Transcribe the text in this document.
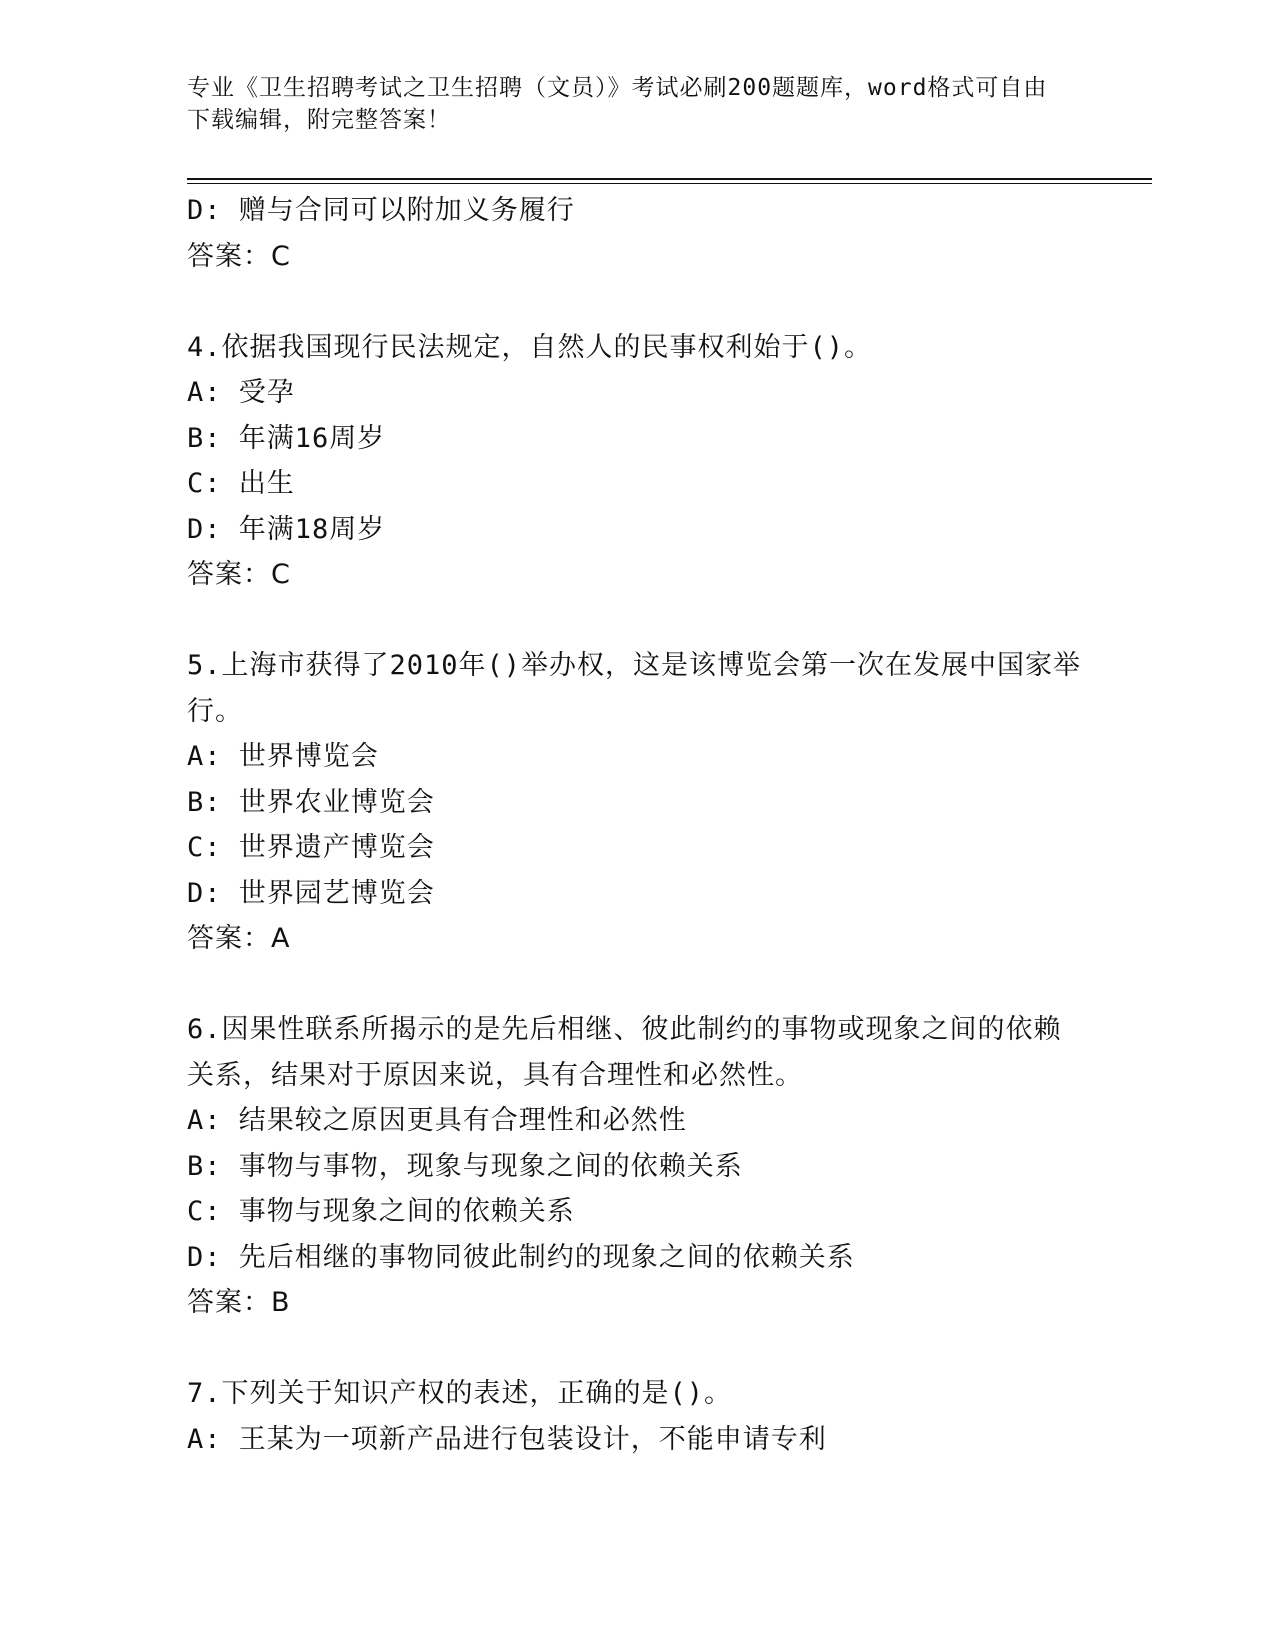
专业《卫生招聘考试之卫生招聘（文员）》考试必刷200题题库，word格式可自由下载编辑，附完整答案！
D: 赠与合同可以附加义务履行
答案：C
4.依据我国现行民法规定，自然人的民事权利始于()。
A: 受孕
B: 年满16周岁
C: 出生
D: 年满18周岁
答案：C
5.上海市获得了2010年()举办权，这是该博览会第一次在发展中国家举行。
A: 世界博览会
B: 世界农业博览会
C: 世界遗产博览会
D: 世界园艺博览会
答案：A
6.因果性联系所揭示的是先后相继、彼此制约的事物或现象之间的依赖关系，结果对于原因来说，具有合理性和必然性。
A: 结果较之原因更具有合理性和必然性
B: 事物与事物，现象与现象之间的依赖关系
C: 事物与现象之间的依赖关系
D: 先后相继的事物同彼此制约的现象之间的依赖关系
答案：B
7.下列关于知识产权的表述，正确的是()。
A: 王某为一项新产品进行包装设计，不能申请专利
